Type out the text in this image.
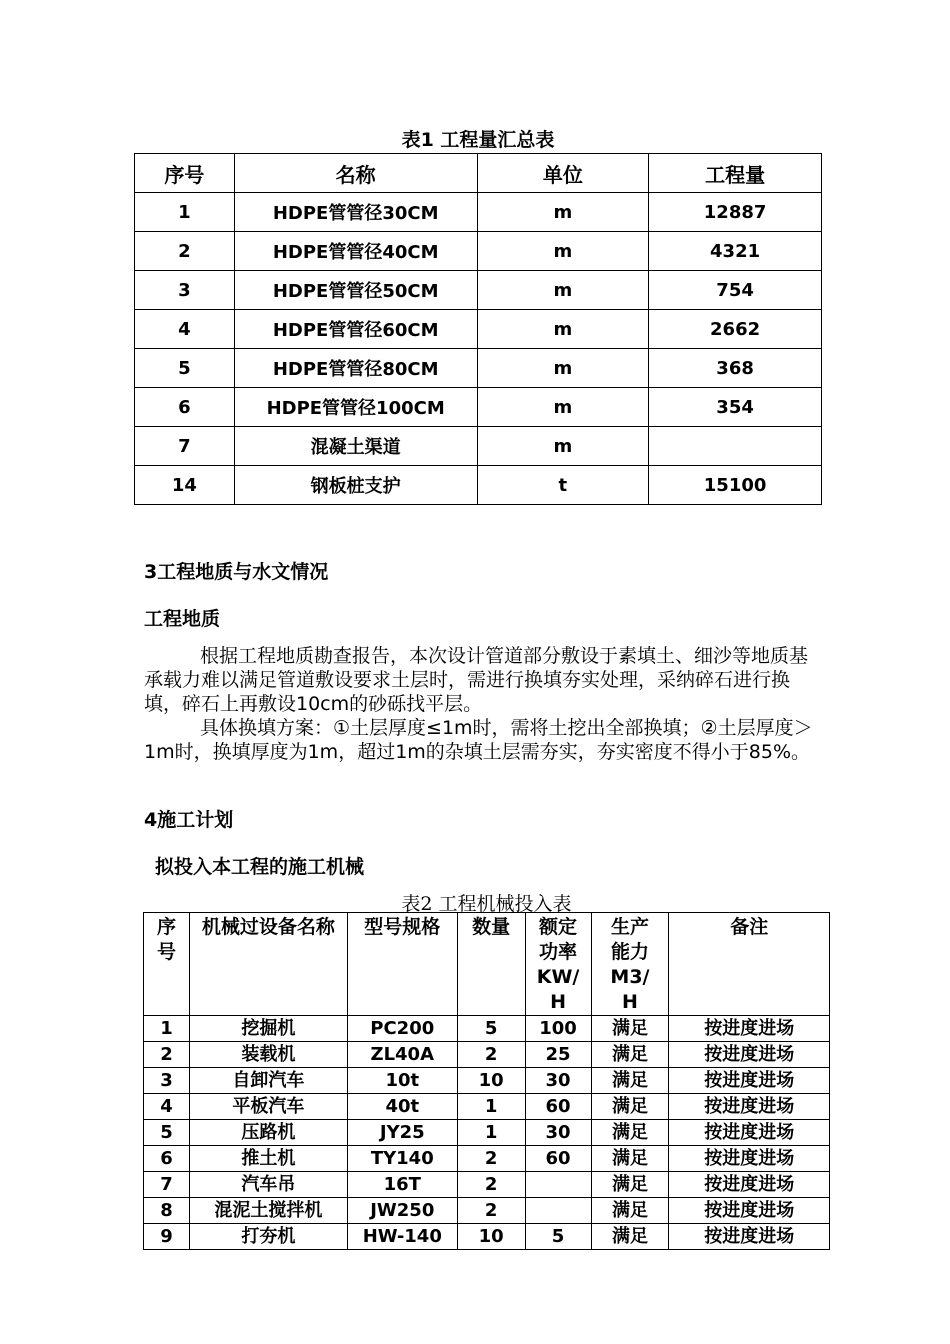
表1 工程量汇总表
序号	名称	单位	工程量
1	HDPE管管径30CM	m	12887
2	HDPE管管径40CM	m	4321
3	HDPE管管径50CM	m	754
4	HDPE管管径60CM	m	2662
5	HDPE管管径80CM	m	368
6	HDPE管管径100CM	m	354
7	混凝土渠道	m	
14	钢板桩支护	t	15100
3工程地质与水文情况
工程地质
根据工程地质勘查报告，本次设计管道部分敷设于素填土、细沙等地质基承载力难以满足管道敷设要求土层时，需进行换填夯实处理，采纳碎石进行换填，碎石上再敷设10cm的砂砾找平层。
具体换填方案：①土层厚度≤1m时，需将土挖出全部换填；②土层厚度＞1m时，换填厚度为1m，超过1m的杂填土层需夯实，夯实密度不得小于85%。
4施工计划
拟投入本工程的施工机械
表2 工程机械投入表
序号	机械过设备名称	型号规格	数量	额定功率KW/H	生产能力M3/H	备注
1	挖掘机	PC200	5	100	满足	按进度进场
2	装载机	ZL40A	2	25	满足	按进度进场
3	自卸汽车	10t	10	30	满足	按进度进场
4	平板汽车	40t	1	60	满足	按进度进场
5	压路机	JY25	1	30	满足	按进度进场
6	推土机	TY140	2	60	满足	按进度进场
7	汽车吊	16T	2		满足	按进度进场
8	混泥土搅拌机	JW250	2		满足	按进度进场
9	打夯机	HW-140	10	5	满足	按进度进场
